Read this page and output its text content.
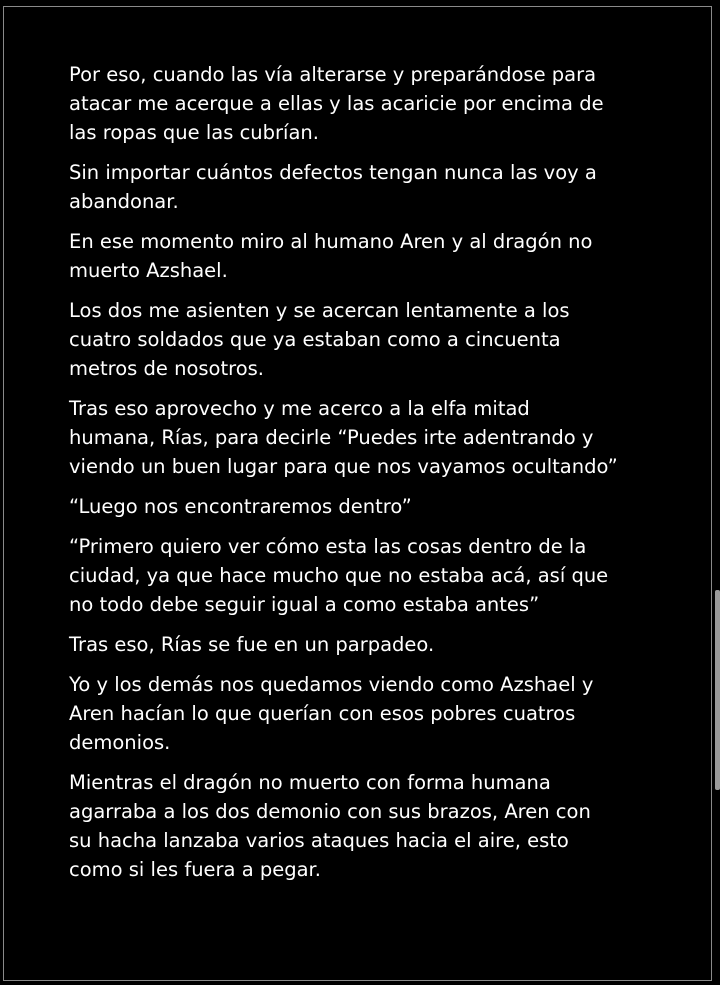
Por eso, cuando las vía alterarse y preparándose para
atacar me acerque a ellas y las acaricie por encima de
las ropas que las cubrían.

Sin importar cuántos defectos tengan nunca las voy a
abandonar.

En ese momento miro al humano Aren y al dragón no
muerto Azshael.

Los dos me asienten y se acercan lentamente a los
cuatro soldados que ya estaban como a cincuenta
metros de nosotros.

Tras eso aprovecho y me acerco a la elfa mitad
humana, Rías, para decirle “Puedes irte adentrando y
viendo un buen lugar para que nos vayamos ocultando”

“Luego nos encontraremos dentro”

“Primero quiero ver cómo esta las cosas dentro de la
ciudad, ya que hace mucho que no estaba acá, así que
no todo debe seguir igual a como estaba antes”

Tras eso, Rías se fue en un parpadeo.

Yo y los demás nos quedamos viendo como Azshael y
Aren hacían lo que querían con esos pobres cuatros
demonios.

Mientras el dragón no muerto con forma humana
agarraba a los dos demonio con sus brazos, Aren con
su hacha lanzaba varios ataques hacia el aire, esto
como si les fuera a pegar.
